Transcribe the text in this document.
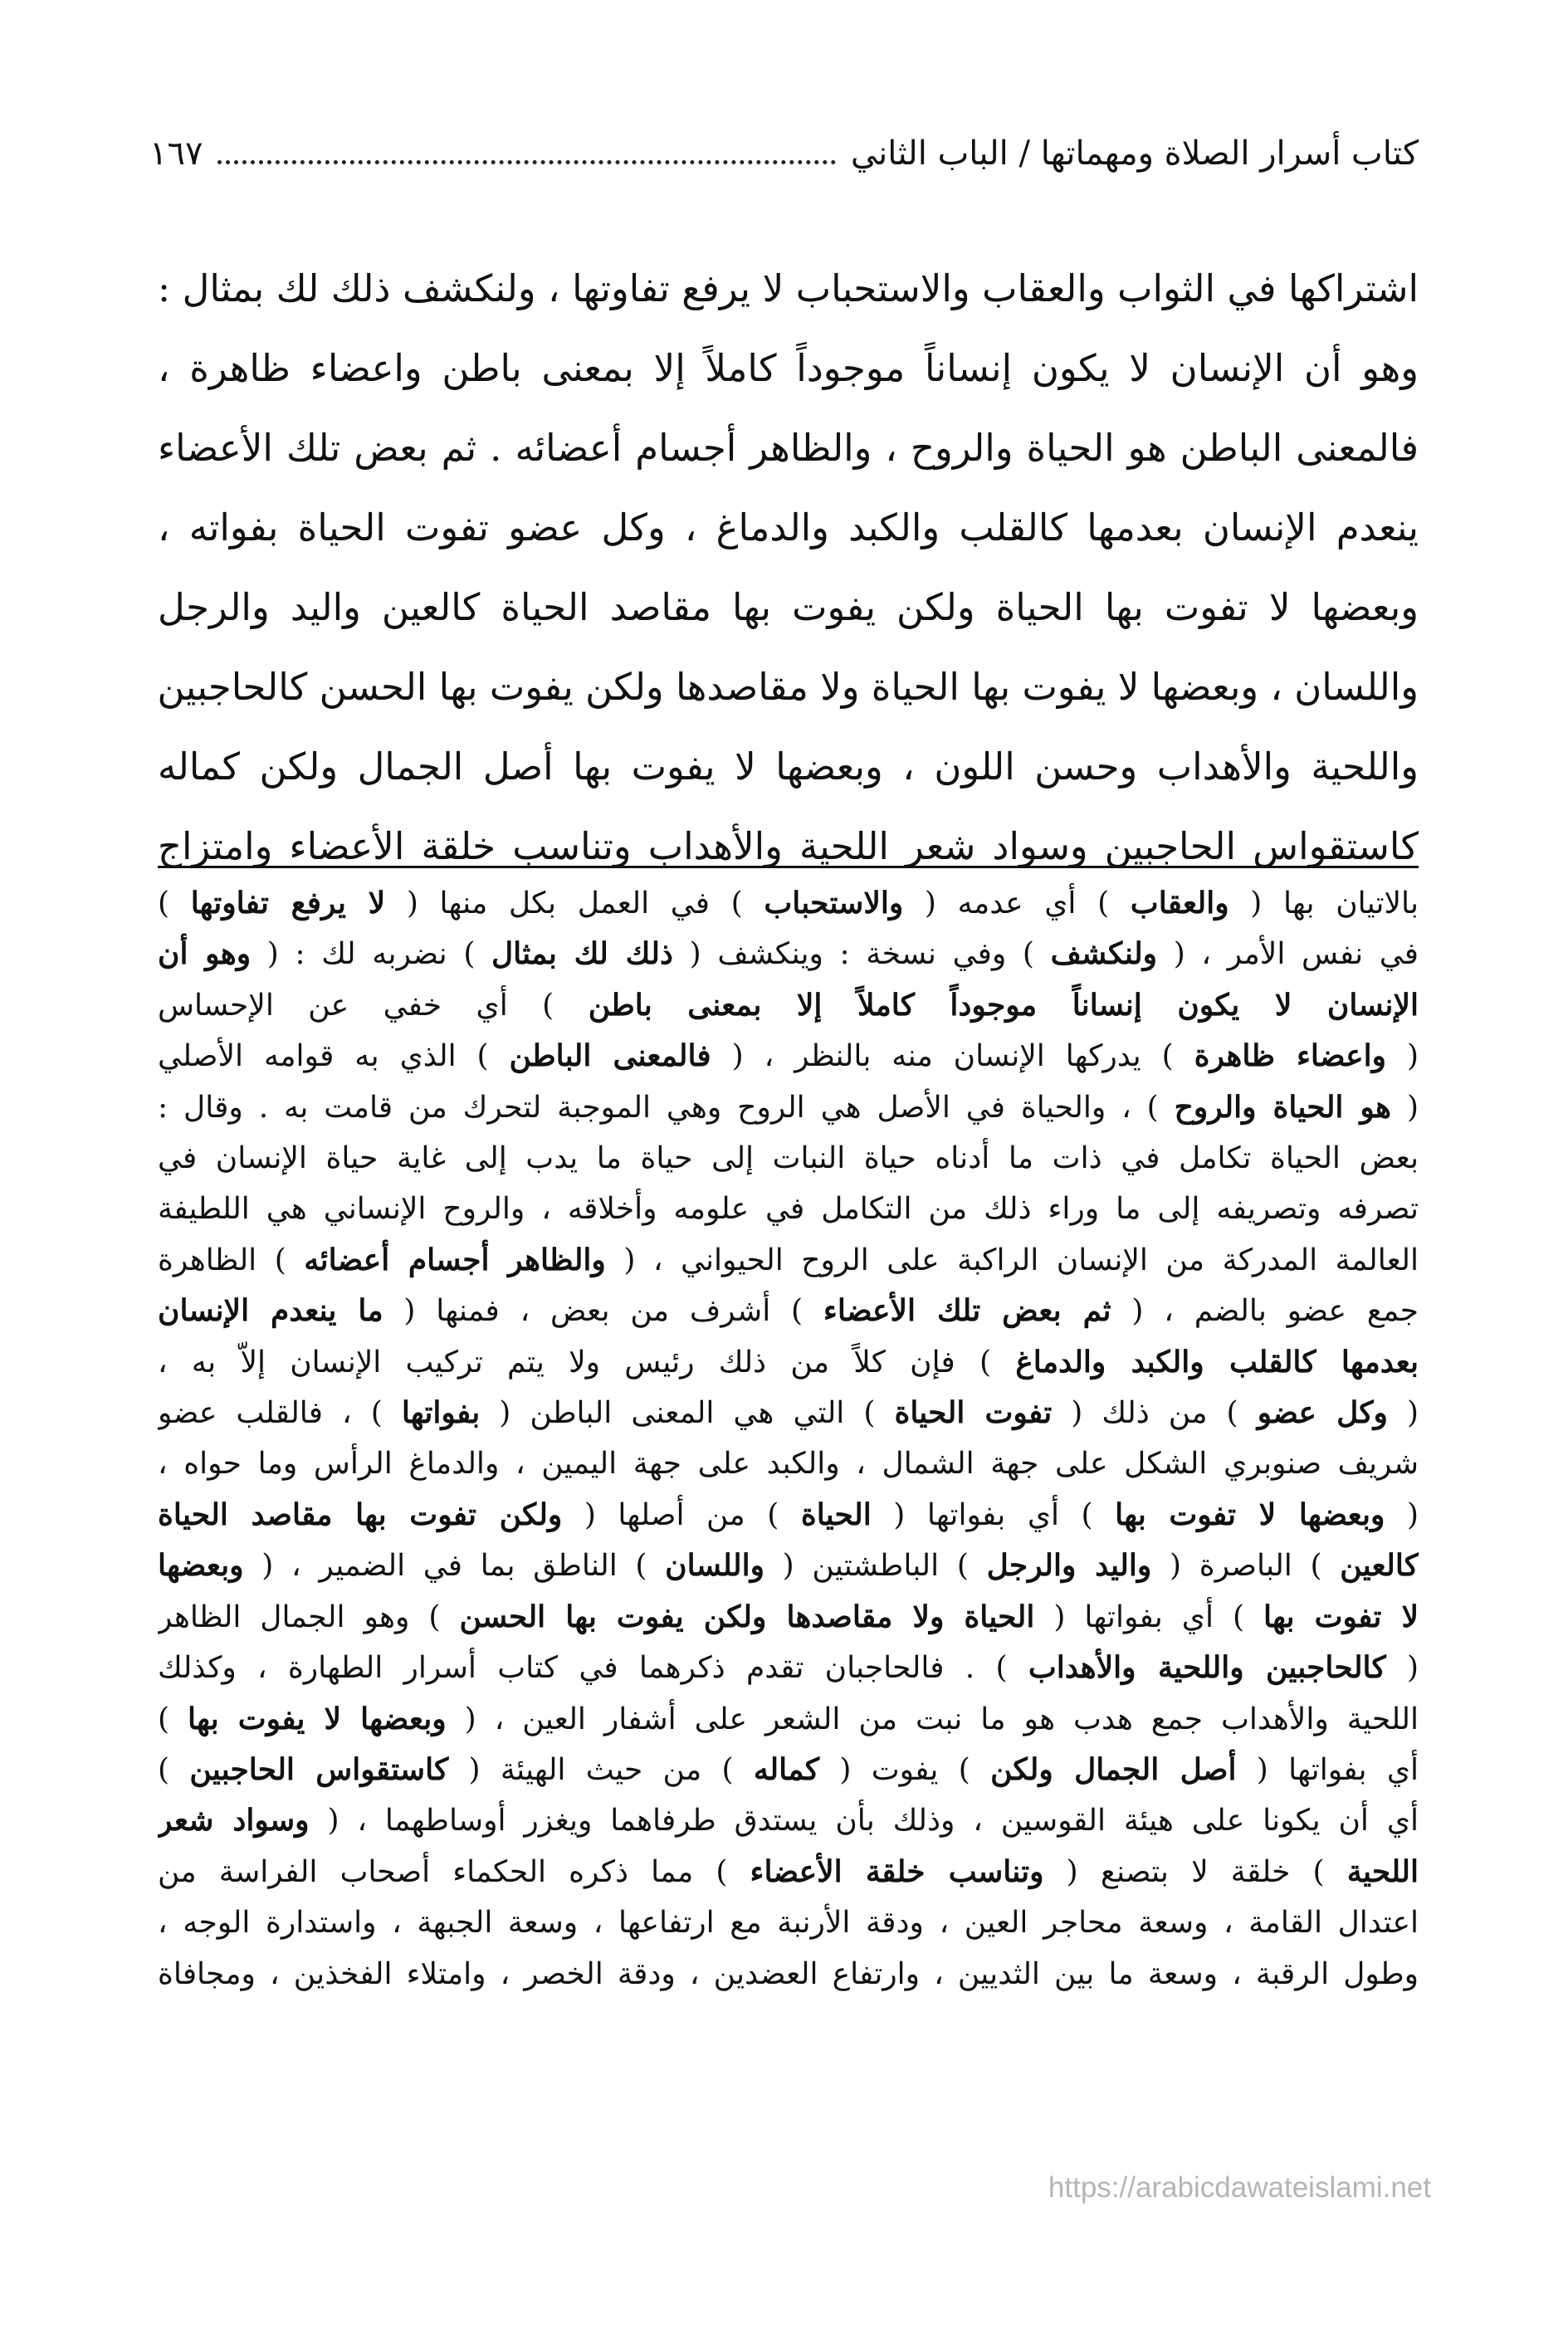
كتاب أسرار الصلاة ومهماتها / الباب الثاني
١٦٧

اشتراكها في الثواب والعقاب والاستحباب لا يرفع تفاوتها ، ولنكشف ذلك لك بمثال :

وهو أن الإنسان لا يكون إنساناً موجوداً كاملاً إلا بمعنى باطن واعضاء ظاهرة ،

فالمعنى الباطن هو الحياة والروح ، والظاهر أجسام أعضائه . ثم بعض تلك الأعضاء

ينعدم الإنسان بعدمها كالقلب والكبد والدماغ ، وكل عضو تفوت الحياة بفواته ،

وبعضها لا تفوت بها الحياة ولكن يفوت بها مقاصد الحياة كالعين واليد والرجل

واللسان ، وبعضها لا يفوت بها الحياة ولا مقاصدها ولكن يفوت بها الحسن كالحاجبين

واللحية والأهداب وحسن اللون ، وبعضها لا يفوت بها أصل الجمال ولكن كماله

كاستقواس الحاجبين وسواد شعر اللحية والأهداب وتناسب خلقة الأعضاء وامتزاج

بالاتيان بها ( والعقاب ) أي عدمه ( والاستحباب ) في العمل بكل منها ( لا يرفع تفاوتها )

في نفس الأمر ، ( ولنكشف ) وفي نسخة : وينكشف ( ذلك لك بمثال ) نضربه لك : ( وهو أن

الإنسان لا يكون إنساناً موجوداً كاملاً إلا بمعنى باطن ) أي خفي عن الإحساس

( واعضاء ظاهرة ) يدركها الإنسان منه بالنظر ، ( فالمعنى الباطن ) الذي به قوامه الأصلي

( هو الحياة والروح ) ، والحياة في الأصل هي الروح وهي الموجبة لتحرك من قامت به . وقال :

بعض الحياة تكامل في ذات ما أدناه حياة النبات إلى حياة ما يدب إلى غاية حياة الإنسان في

تصرفه وتصريفه إلى ما وراء ذلك من التكامل في علومه وأخلاقه ، والروح الإنساني هي اللطيفة

العالمة المدركة من الإنسان الراكبة على الروح الحيواني ، ( والظاهر أجسام أعضائه ) الظاهرة

جمع عضو بالضم ، ( ثم بعض تلك الأعضاء ) أشرف من بعض ، فمنها ( ما ينعدم الإنسان

بعدمها كالقلب والكبد والدماغ ) فإن كلاً من ذلك رئيس ولا يتم تركيب الإنسان إلاّ به ،

( وكل عضو ) من ذلك ( تفوت الحياة ) التي هي المعنى الباطن ( بفواتها ) ، فالقلب عضو

شريف صنوبري الشكل على جهة الشمال ، والكبد على جهة اليمين ، والدماغ الرأس وما حواه ،

( وبعضها لا تفوت بها ) أي بفواتها ( الحياة ) من أصلها ( ولكن تفوت بها مقاصد الحياة

كالعين ) الباصرة ( واليد والرجل ) الباطشتين ( واللسان ) الناطق بما في الضمير ، ( وبعضها

لا تفوت بها ) أي بفواتها ( الحياة ولا مقاصدها ولكن يفوت بها الحسن ) وهو الجمال الظاهر

( كالحاجبين واللحية والأهداب ) . فالحاجبان تقدم ذكرهما في كتاب أسرار الطهارة ، وكذلك

اللحية والأهداب جمع هدب هو ما نبت من الشعر على أشفار العين ، ( وبعضها لا يفوت بها )

أي بفواتها ( أصل الجمال ولكن ) يفوت ( كماله ) من حيث الهيئة ( كاستقواس الحاجبين )

أي أن يكونا على هيئة القوسين ، وذلك بأن يستدق طرفاهما ويغزر أوساطهما ، ( وسواد شعر

اللحية ) خلقة لا بتصنع ( وتناسب خلقة الأعضاء ) مما ذكره الحكماء أصحاب الفراسة من

اعتدال القامة ، وسعة محاجر العين ، ودقة الأرنبة مع ارتفاعها ، وسعة الجبهة ، واستدارة الوجه ،

وطول الرقبة ، وسعة ما بين الثديين ، وارتفاع العضدين ، ودقة الخصر ، وامتلاء الفخذين ، ومجافاة

https://arabicdawateislami.net
